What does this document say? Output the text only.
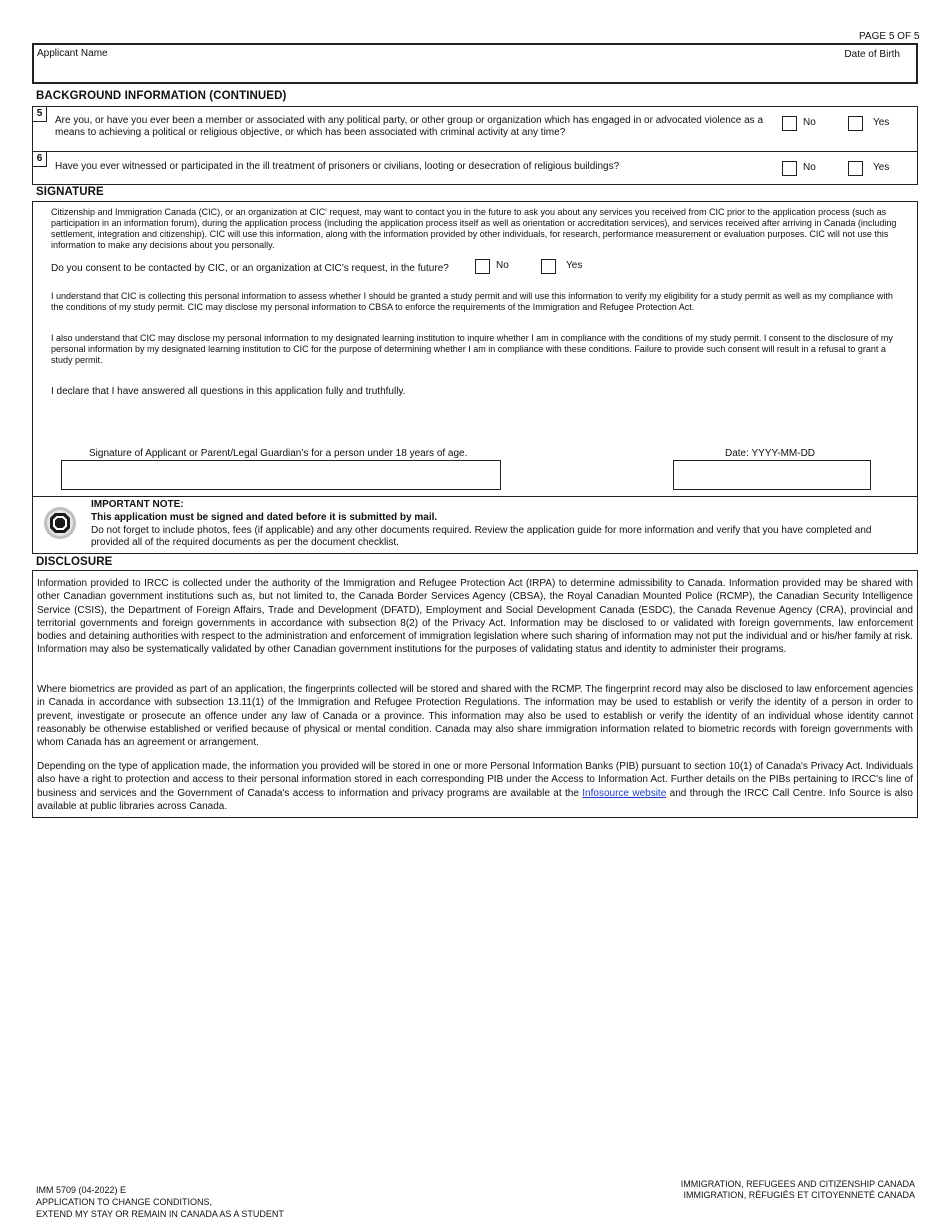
PAGE 5 OF 5
Applicant Name	Date of Birth
BACKGROUND INFORMATION (CONTINUED)
5
Are you, or have you ever been a member or associated with any political party, or other group or organization which has engaged in or advocated violence as a means to achieving a political or religious objective, or which has been associated with criminal activity at any time?
No	Yes
6
Have you ever witnessed or participated in the ill treatment of prisoners or civilians, looting or desecration of religious buildings?	No	Yes
SIGNATURE

Citizenship and Immigration Canada (CIC), or an organization at CIC' request, may want to contact you in the future to ask you about any services you received from CIC prior to the application process (such as participation in an information forum), during the application process (including the application process itself as well as orientation or accreditation services), and services received after arriving in Canada (including settlement, integration and citizenship). CIC will use this information, along with the information provided by other individuals, for research, performance measurement or evaluation purposes. CIC will not use this information to make any decisions about you personally.

Do you consent to be contacted by CIC, or an organization at CIC’s request, in the future?	No	Yes

I understand that CIC is collecting this personal information to assess whether I should be granted a study permit and will use this information to verify my eligibility for a study permit as well as my compliance with the conditions of my study permit. CIC may disclose my personal information to CBSA to enforce the requirements of the Immigration and Refugee Protection Act.

I also understand that CIC may disclose my personal information to my designated learning institution to inquire whether I am in compliance with the conditions of my study permit. I consent to the disclosure of my personal information by my designated learning institution to CIC for the purpose of determining whether I am in compliance with these conditions. Failure to provide such consent will result in a refusal to grant a study permit.

I declare that I have answered all questions in this application fully and truthfully.

Signature of Applicant or Parent/Legal Guardian’s for a person under 18 years of age.	Date: YYYY-MM-DD
IMPORTANT NOTE:
This application must be signed and dated before it is submitted by mail.
Do not forget to include photos, fees (if applicable) and any other documents required. Review the application guide for more information and verify that you have completed and provided all of the required documents as per the document checklist.
DISCLOSURE

Information provided to IRCC is collected under the authority of the Immigration and Refugee Protection Act (IRPA) to determine admissibility to Canada. Information provided may be shared with other Canadian government institutions such as, but not limited to, the Canada Border Services Agency (CBSA), the Royal Canadian Mounted Police (RCMP), the Canadian Security Intelligence Service (CSIS), the Department of Foreign Affairs, Trade and Development (DFATD), Employment and Social Development Canada (ESDC), the Canada Revenue Agency (CRA), provincial and territorial governments and foreign governments in accordance with subsection 8(2) of the Privacy Act. Information may be disclosed to or validated with foreign governments, law enforcement bodies and detaining authorities with respect to the administration and enforcement of immigration legislation where such sharing of information may not put the individual and or his/her family at risk. Information may also be systematically validated by other Canadian government institutions for the purposes of validating status and identity to administer their programs.

Where biometrics are provided as part of an application, the fingerprints collected will be stored and shared with the RCMP. The fingerprint record may also be disclosed to law enforcement agencies in Canada in accordance with subsection 13.11(1) of the Immigration and Refugee Protection Regulations. The information may be used to establish or verify the identity of a person in order to prevent, investigate or prosecute an offence under any law of Canada or a province. This information may also be used to establish or verify the identity of an individual whose identity cannot reasonably be otherwise established or verified because of physical or mental condition. Canada may also share immigration information related to biometric records with foreign governments with whom Canada has an agreement or arrangement.

Depending on the type of application made, the information you provided will be stored in one or more Personal Information Banks (PIB) pursuant to section 10(1) of Canada's Privacy Act. Individuals also have a right to protection and access to their personal information stored in each corresponding PIB under the Access to Information Act. Further details on the PIBs pertaining to IRCC's line of business and services and the Government of Canada's access to information and privacy programs are available at the Infosource website and through the IRCC Call Centre. Info Source is also available at public libraries across Canada.

IMM 5709 (04-2022) E
APPLICATION TO CHANGE CONDITIONS,
EXTEND MY STAY OR REMAIN IN CANADA AS A STUDENT
IMMIGRATION, REFUGEES AND CITIZENSHIP CANADA
IMMIGRATION, RÉFUGIÉS ET CITOYENNETÉ CANADA
